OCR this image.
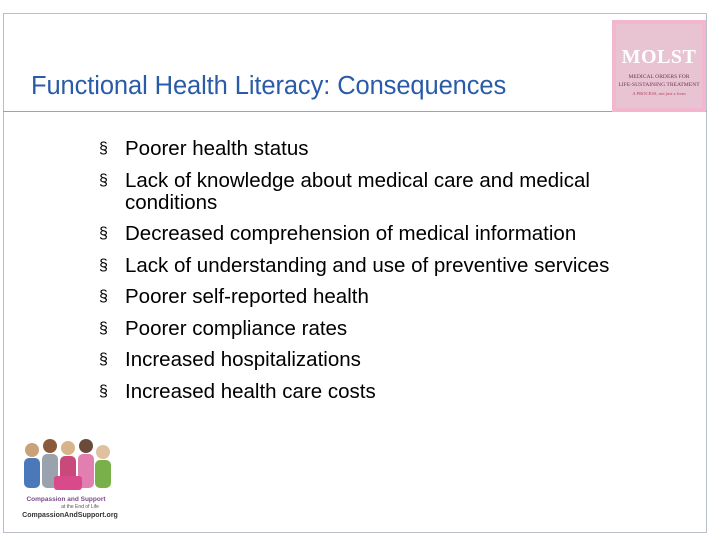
Functional Health Literacy: Consequences
§ Poorer health status
§ Lack of knowledge about medical care and medical conditions
§ Decreased comprehension of medical information
§ Lack of understanding and use of preventive services
§ Poorer self-reported health
§ Poorer compliance rates
§ Increased hospitalizations
§ Increased health care costs
MOLST
MEDICAL ORDERS FOR
LIFE-SUSTAINING TREATMENT
A PROCESS, not just a form
Compassion and Support
at the End of Life
CompassionAndSupport.org
